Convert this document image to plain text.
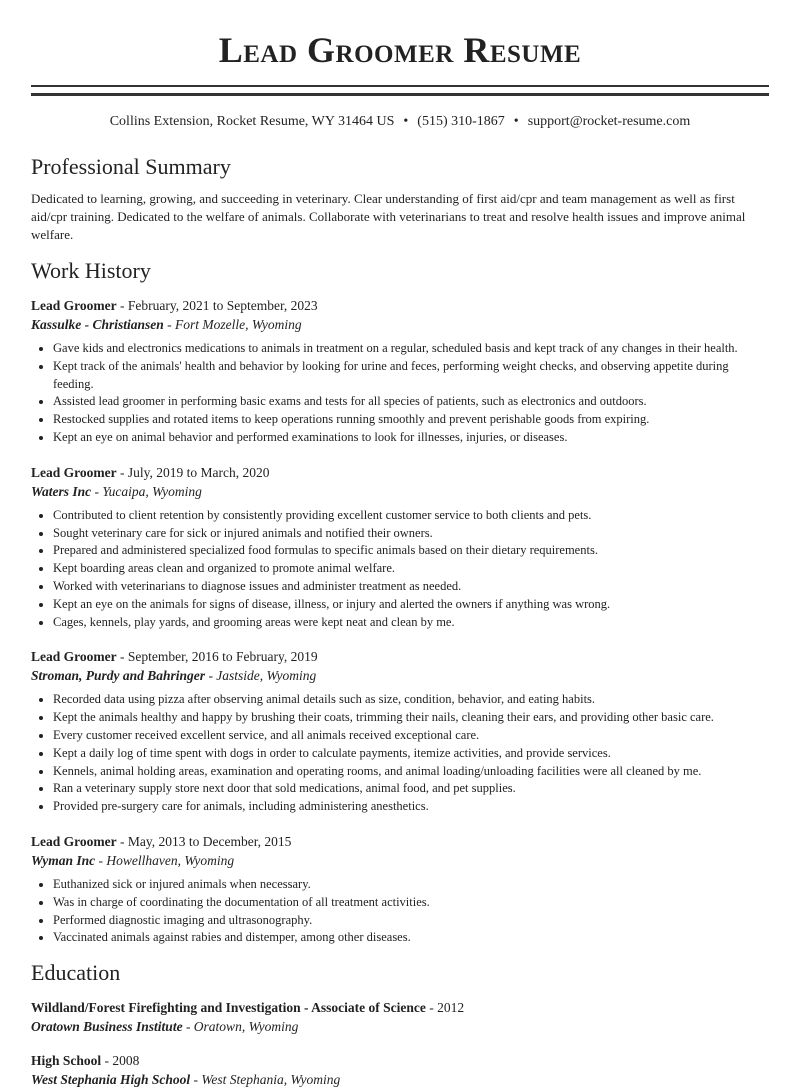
Lead Groomer Resume
Collins Extension, Rocket Resume, WY 31464 US • (515) 310-1867 • support@rocket-resume.com
Professional Summary
Dedicated to learning, growing, and succeeding in veterinary. Clear understanding of first aid/cpr and team management as well as first aid/cpr training. Dedicated to the welfare of animals. Collaborate with veterinarians to treat and resolve health issues and improve animal welfare.
Work History
Lead Groomer - February, 2021 to September, 2023
Kassulke - Christiansen - Fort Mozelle, Wyoming
• Gave kids and electronics medications to animals in treatment on a regular, scheduled basis and kept track of any changes in their health.
• Kept track of the animals' health and behavior by looking for urine and feces, performing weight checks, and observing appetite during feeding.
• Assisted lead groomer in performing basic exams and tests for all species of patients, such as electronics and outdoors.
• Restocked supplies and rotated items to keep operations running smoothly and prevent perishable goods from expiring.
• Kept an eye on animal behavior and performed examinations to look for illnesses, injuries, or diseases.
Lead Groomer - July, 2019 to March, 2020
Waters Inc - Yucaipa, Wyoming
• Contributed to client retention by consistently providing excellent customer service to both clients and pets.
• Sought veterinary care for sick or injured animals and notified their owners.
• Prepared and administered specialized food formulas to specific animals based on their dietary requirements.
• Kept boarding areas clean and organized to promote animal welfare.
• Worked with veterinarians to diagnose issues and administer treatment as needed.
• Kept an eye on the animals for signs of disease, illness, or injury and alerted the owners if anything was wrong.
• Cages, kennels, play yards, and grooming areas were kept neat and clean by me.
Lead Groomer - September, 2016 to February, 2019
Stroman, Purdy and Bahringer - Jastside, Wyoming
• Recorded data using pizza after observing animal details such as size, condition, behavior, and eating habits.
• Kept the animals healthy and happy by brushing their coats, trimming their nails, cleaning their ears, and providing other basic care.
• Every customer received excellent service, and all animals received exceptional care.
• Kept a daily log of time spent with dogs in order to calculate payments, itemize activities, and provide services.
• Kennels, animal holding areas, examination and operating rooms, and animal loading/unloading facilities were all cleaned by me.
• Ran a veterinary supply store next door that sold medications, animal food, and pet supplies.
• Provided pre-surgery care for animals, including administering anesthetics.
Lead Groomer - May, 2013 to December, 2015
Wyman Inc - Howellhaven, Wyoming
• Euthanized sick or injured animals when necessary.
• Was in charge of coordinating the documentation of all treatment activities.
• Performed diagnostic imaging and ultrasonography.
• Vaccinated animals against rabies and distemper, among other diseases.
Education
Wildland/Forest Firefighting and Investigation - Associate of Science - 2012
Oratown Business Institute - Oratown, Wyoming
High School - 2008
West Stephania High School - West Stephania, Wyoming
